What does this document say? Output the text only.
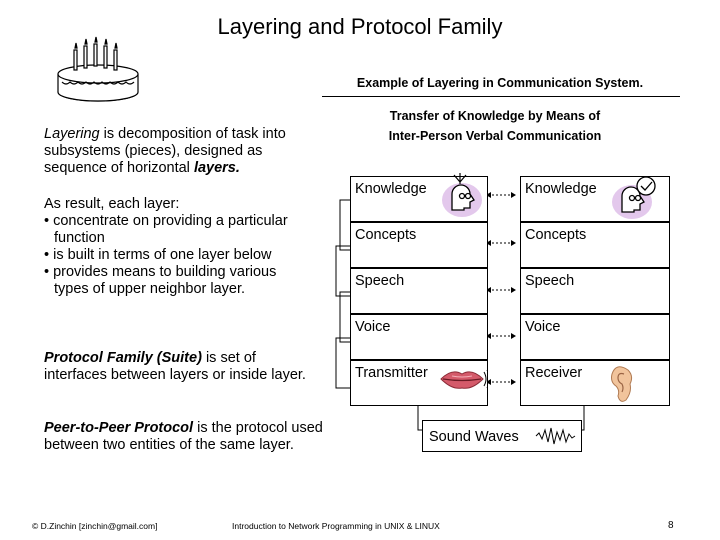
Layering and Protocol Family
Example of Layering in Communication System.
Transfer of Knowledge by Means of
Inter-Person Verbal Communication
Layering is decomposition of task into subsystems (pieces), designed as sequence of horizontal layers.
As result, each layer:
• concentrate on providing a particular function
• is built in terms of one layer below
• provides means to building various types of upper neighbor layer.
Protocol Family (Suite) is set of interfaces between layers or inside layer.
Peer-to-Peer Protocol is the protocol used between two entities of the same layer.
Knowledge
Concepts
Speech
Voice
Transmitter
Knowledge
Concepts
Speech
Voice
Receiver
Sound Waves
© D.Zinchin [zinchin@gmail.com]	Introduction to Network Programming in UNIX & LINUX	8
